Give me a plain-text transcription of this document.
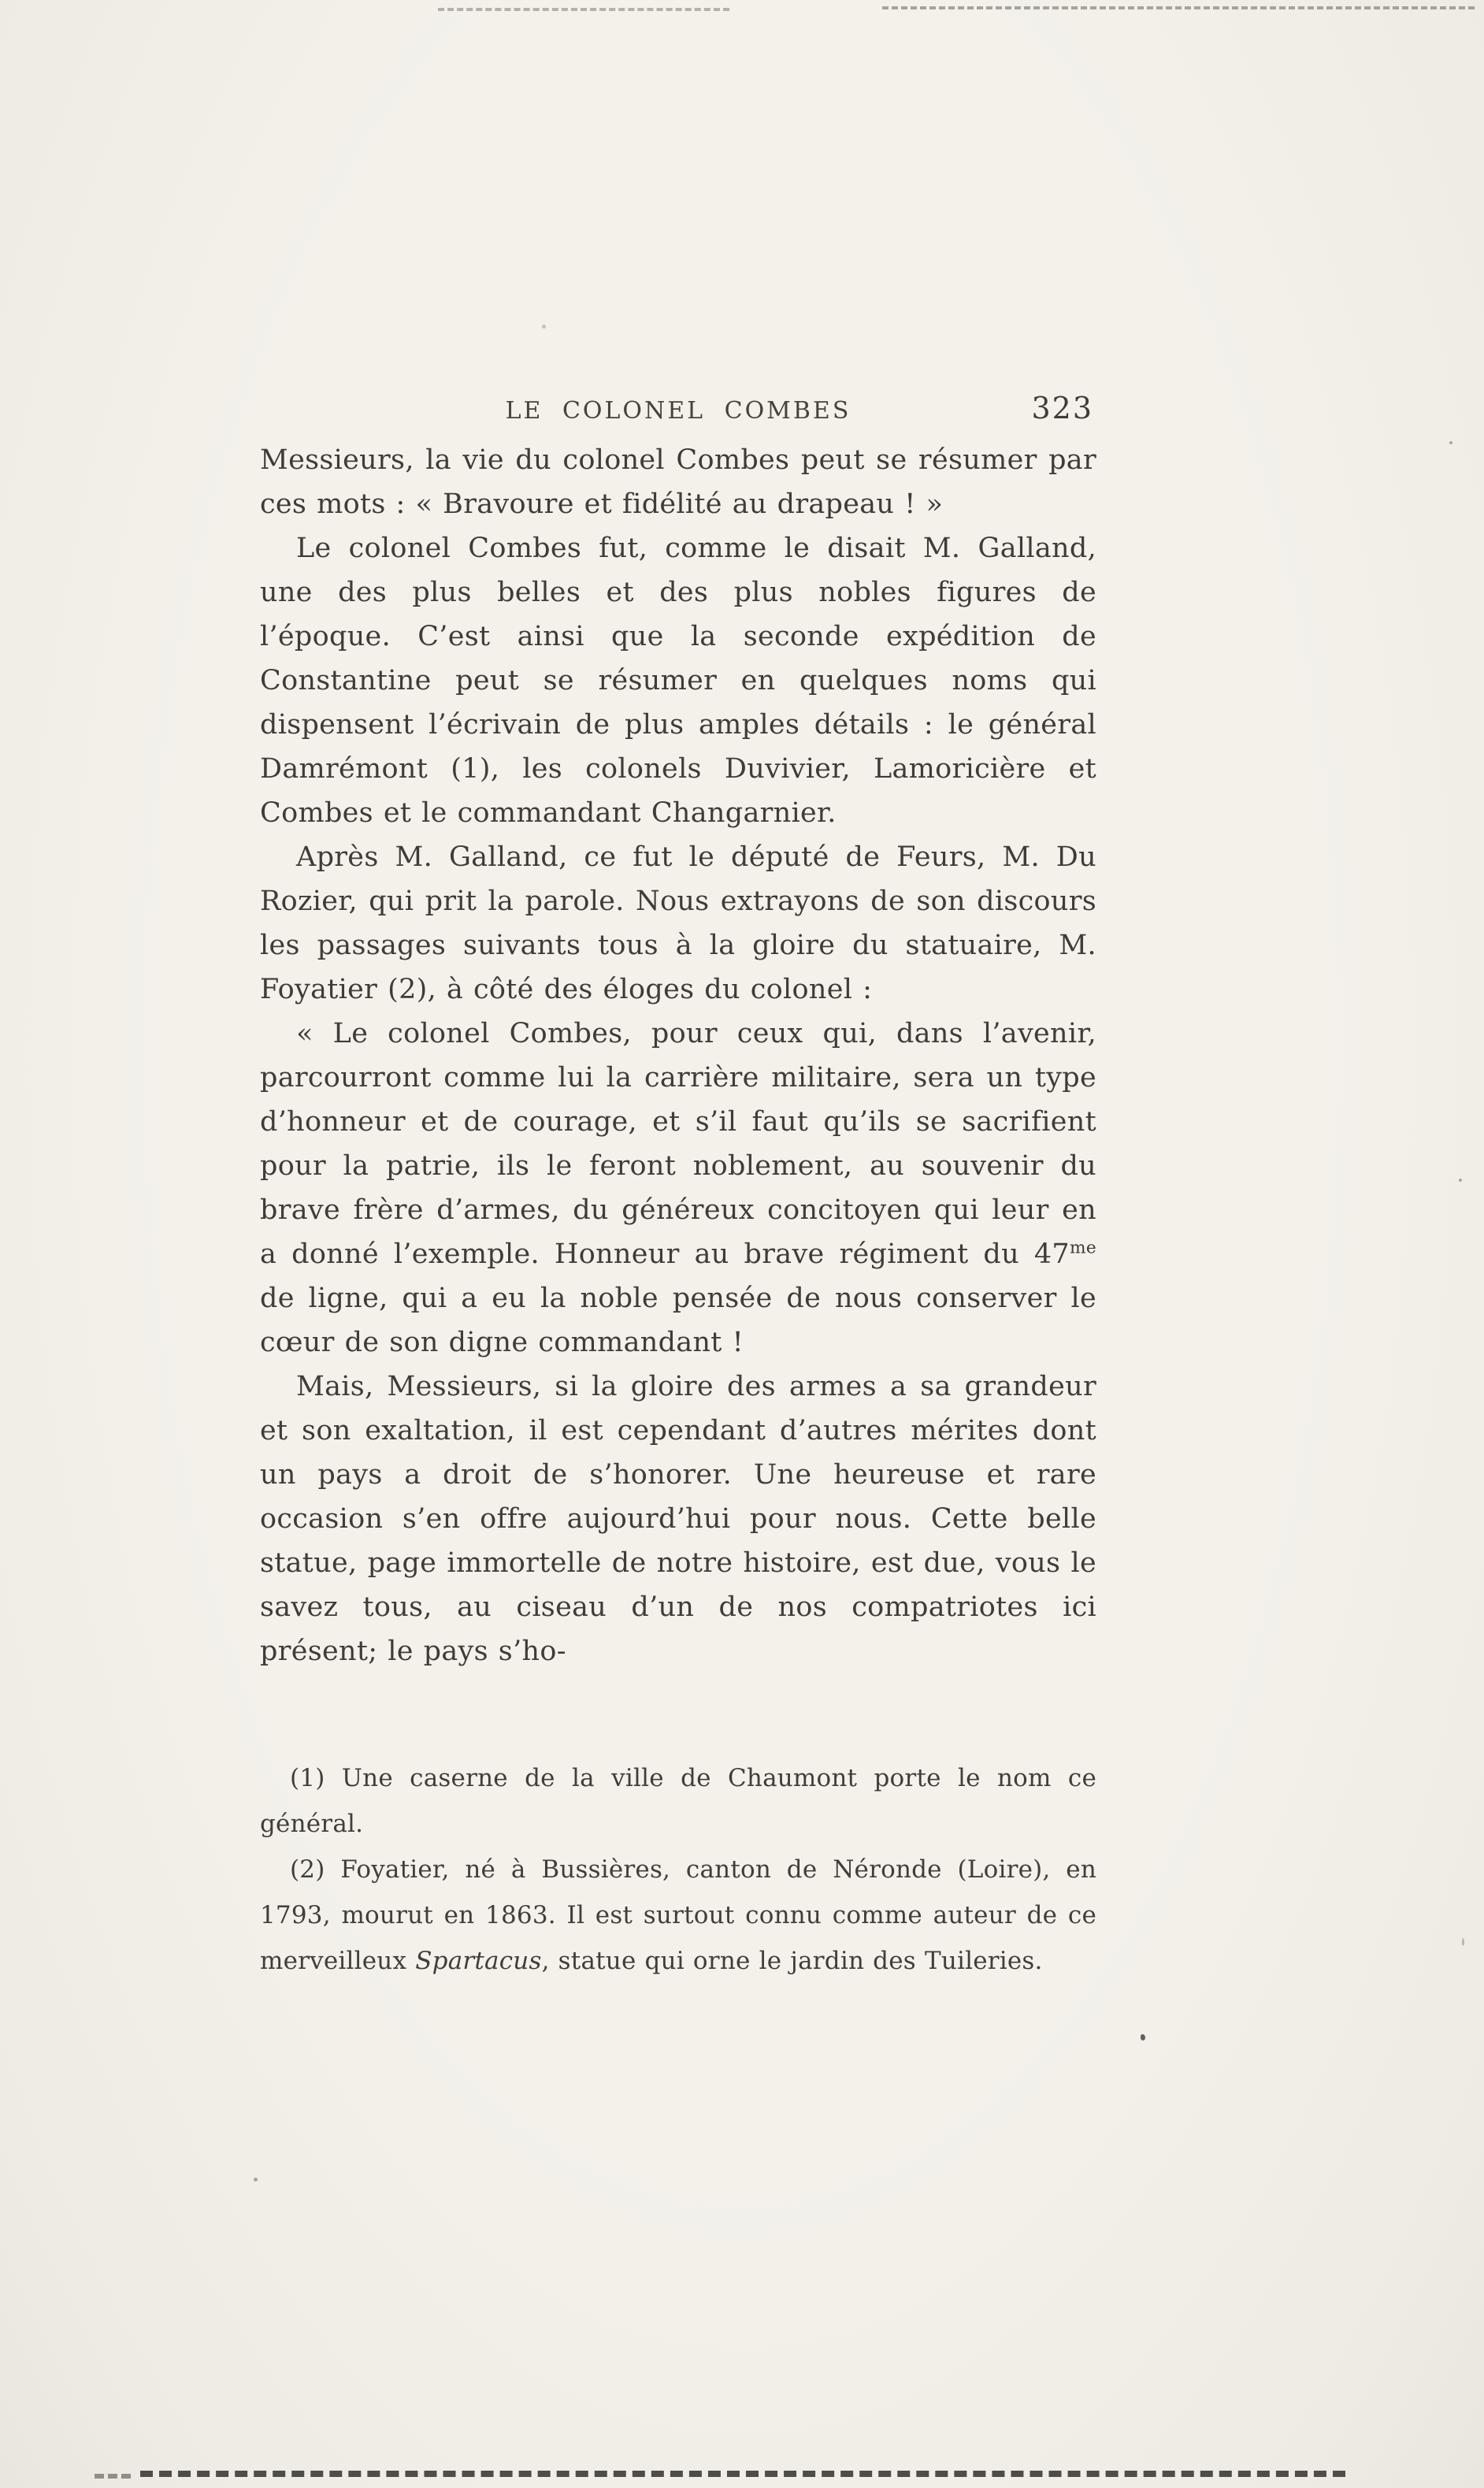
LE COLONEL COMBES	323

Messieurs, la vie du colonel Combes peut se résumer par ces mots : « Bravoure et fidélité au drapeau ! »

Le colonel Combes fut, comme le disait M. Galland, une des plus belles et des plus nobles figures de l’époque. C’est ainsi que la seconde expédition de Constantine peut se résumer en quelques noms qui dispensent l’écrivain de plus amples détails : le général Damrémont (1), les colonels Duvivier, Lamoricière et Combes et le commandant Changarnier.

Après M. Galland, ce fut le député de Feurs, M. Du Rozier, qui prit la parole. Nous extrayons de son discours les passages suivants tous à la gloire du statuaire, M. Foyatier (2), à côté des éloges du colonel :

« Le colonel Combes, pour ceux qui, dans l’avenir, parcourront comme lui la carrière militaire, sera un type d’honneur et de courage, et s’il faut qu’ils se sacrifient pour la patrie, ils le feront noblement, au souvenir du brave frère d’armes, du généreux concitoyen qui leur en a donné l’exemple. Honneur au brave régiment du $47^{me}$ de ligne, qui a eu la noble pensée de nous conserver le cœur de son digne commandant !

Mais, Messieurs, si la gloire des armes a sa grandeur et son exaltation, il est cependant d’autres mérites dont un pays a droit de s’honorer. Une heureuse et rare occasion s’en offre aujourd’hui pour nous. Cette belle statue, page immortelle de notre histoire, est due, vous le savez tous, au ciseau d’un de nos compatriotes ici présent; le pays s’ho-

(1) Une caserne de la ville de Chaumont porte le nom ce général.

(2) Foyatier, né à Bussières, canton de Néronde (Loire), en 1793, mourut en 1863. Il est surtout connu comme auteur de ce merveilleux Spartacus, statue qui orne le jardin des Tuileries.
